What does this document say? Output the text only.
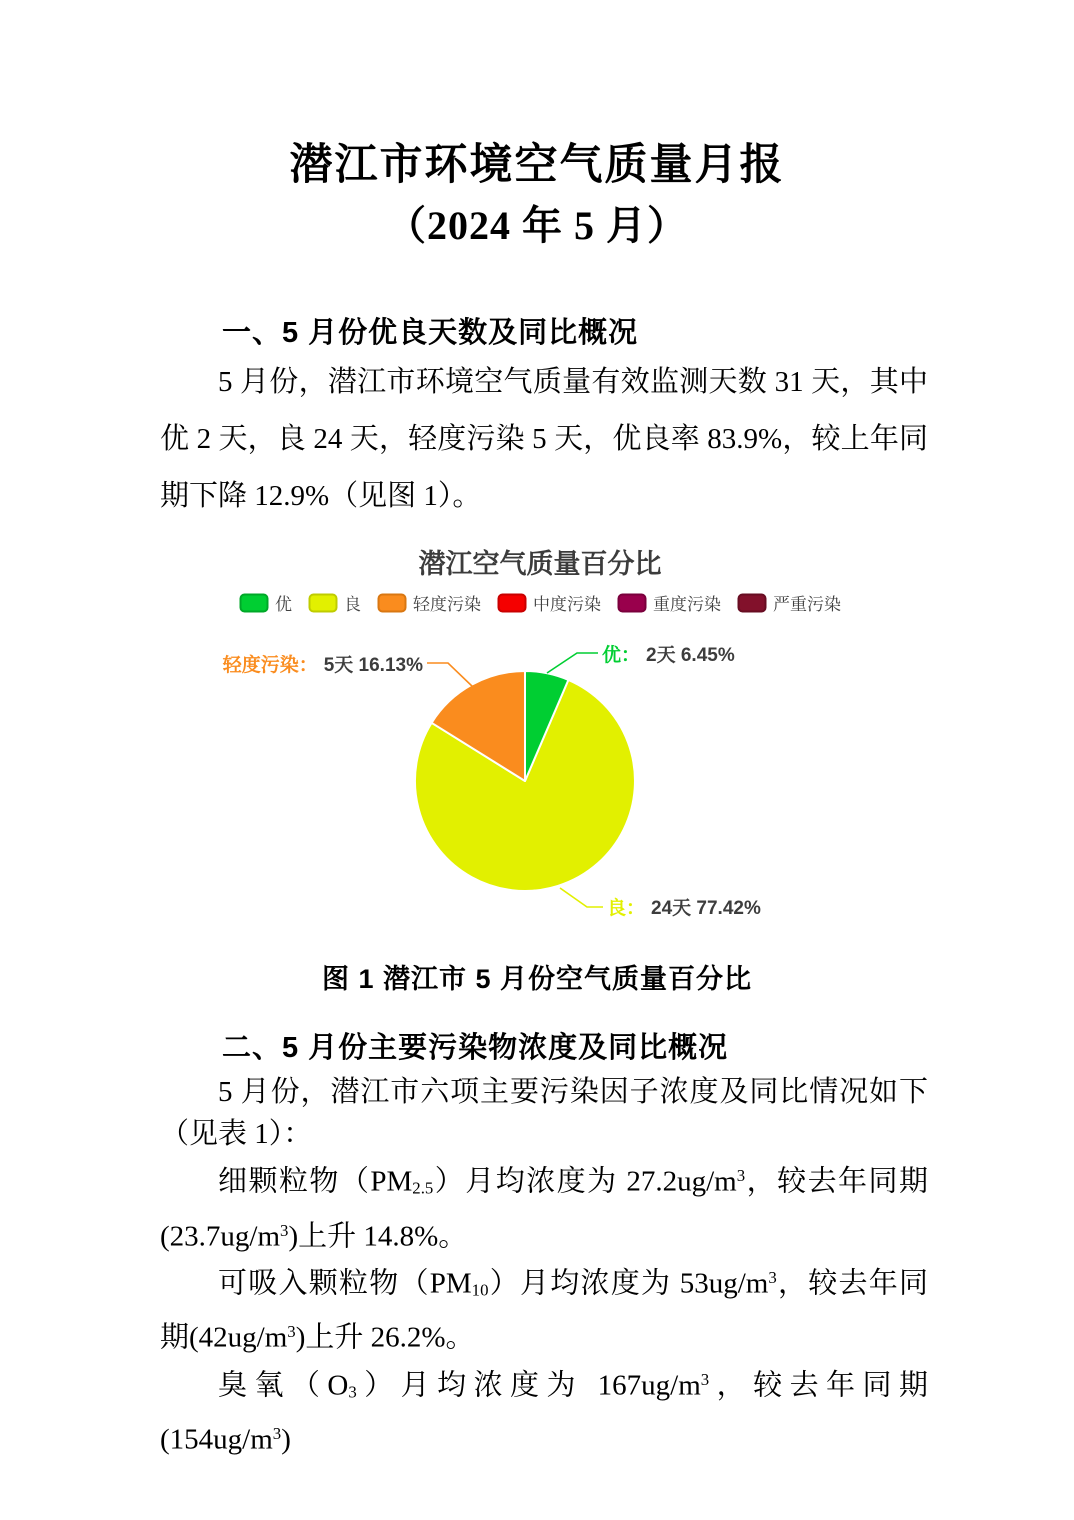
潜江市环境空气质量月报
（2024 年 5 月）
一、5 月份优良天数及同比概况

5 月份，潜江市环境空气质量有效监测天数 31 天，其中优 2 天，良 24 天，轻度污染 5 天，优良率 83.9%，较上年同期下降 12.9%（见图 1）。

潜江空气质量百分比
优	良	轻度污染	中度污染	重度污染	严重污染
优： 2天 6.45%
轻度污染： 5天 16.13%
良： 24天 77.42%
图 1 潜江市 5 月份空气质量百分比
二、5 月份主要污染物浓度及同比概况

5 月份，潜江市六项主要污染因子浓度及同比情况如下（见表 1）：

细颗粒物$(PM_{2.5})$月均浓度为 $27.2ug/m^3$，较去年同期$(23.7ug/m^3)$上升 14.8%。

可吸入颗粒物$(PM_{10})$月均浓度为 $53ug/m^3$，较去年同期$(42ug/m^3)$上升 26.2%。

臭氧$(O_3)$月均浓度为 $167ug/m^3$，较去年同期$(154ug/m^3)$
